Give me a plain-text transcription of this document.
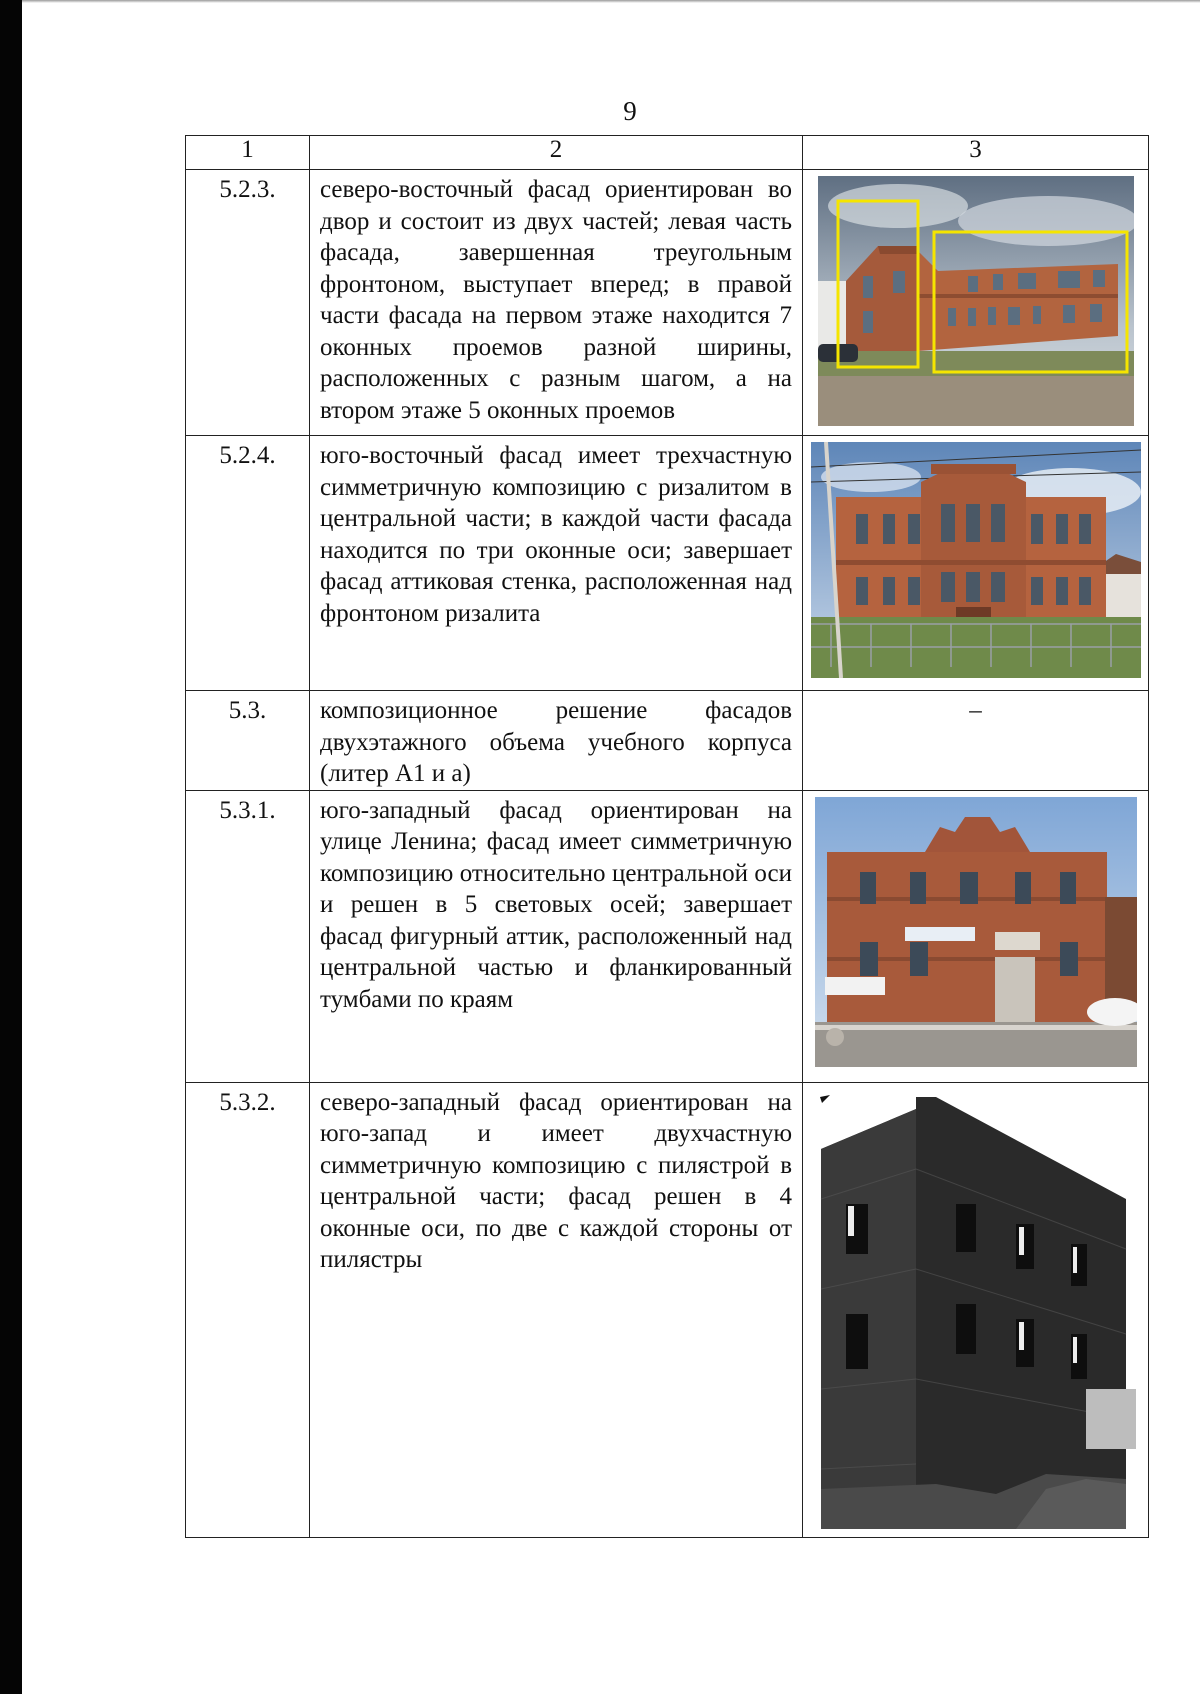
9
1	2	3
5.2.3.	северо-восточный фасад ориентирован во двор и состоит из двух частей; левая часть фасада, завершенная треугольным фронтоном, выступает вперед; в правой части фасада на первом этаже находится 7 оконных проемов разной ширины, расположенных с разным шагом, а на втором этаже 5 оконных проемов	

5.2.4.	юго-восточный фасад имеет трехчастную симметричную композицию с ризалитом в центральной части; в каждой части фасада находится по три оконные оси; завершает фасад аттиковая стенка, расположенная над фронтоном ризалита	

5.3.	композиционное решение фасадов двухэтажного объема учебного корпуса (литер А1 и а)	–
5.3.1.	юго-западный фасад ориентирован на улице Ленина; фасад имеет симметричную композицию относительно центральной оси и решен в 5 световых осей; завершает фасад фигурный аттик, расположенный над центральной частью и фланкированный тумбами по краям	

5.3.2.	северо-западный фасад ориентирован на юго-запад и имеет двухчастную симметричную композицию с пилястрой в центральной части; фасад решен в 4 оконные оси, по две с каждой стороны от пилястры	
